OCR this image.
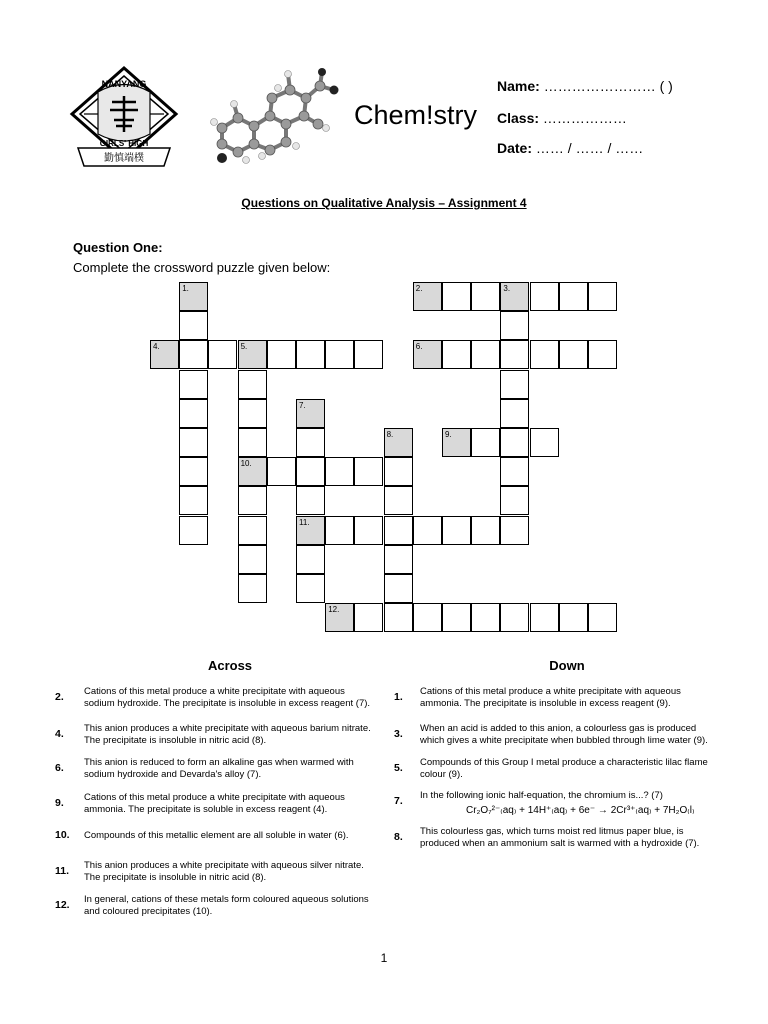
NANYANG
GIRLS' HIGH
勤慎端樸
Chem!stry
Name: …………………… ( )
Class: ………………
Date: …… / …… / ……
Questions on Qualitative Analysis – Assignment 4
Question One:
Complete the crossword puzzle given below:
1.	2.	3.
4.	5.
10.
6.
7.
11.
8.	9.
12.
Across	Down
2. Cations of this metal produce a white precipitate with aqueous
sodium hydroxide. The precipitate is insoluble in excess reagent (7).
4. This anion produces a white precipitate with aqueous barium nitrate.
The precipitate is insoluble in nitric acid (8).
6. This anion is reduced to form an alkaline gas when warmed with
sodium hydroxide and Devarda's alloy (7).
9. Cations of this metal produce a white precipitate with aqueous
ammonia. The precipitate is soluble in excess reagent (4).
10. Compounds of this metallic element are all soluble in water (6).
11. This anion produces a white precipitate with aqueous silver nitrate.
The precipitate is insoluble in nitric acid (8).
12. In general, cations of these metals form coloured aqueous solutions
and coloured precipitates (10).
1. Cations of this metal produce a white precipitate with aqueous
ammonia. The precipitate is insoluble in excess reagent (9).
3. When an acid is added to this anion, a colourless gas is produced
which gives a white precipitate when bubbled through lime water (9).
5. Compounds of this Group I metal produce a characteristic lilac flame
colour (9).
7. In the following ionic half-equation, the chromium is...? (7)
Cr₂O₇²⁻₍aq₎ + 14H⁺₍aq₎ + 6e⁻ → 2Cr³⁺₍aq₎ + 7H₂O₍l₎
8. This colourless gas, which turns moist red litmus paper blue, is
produced when an ammonium salt is warmed with a hydroxide (7).
1
